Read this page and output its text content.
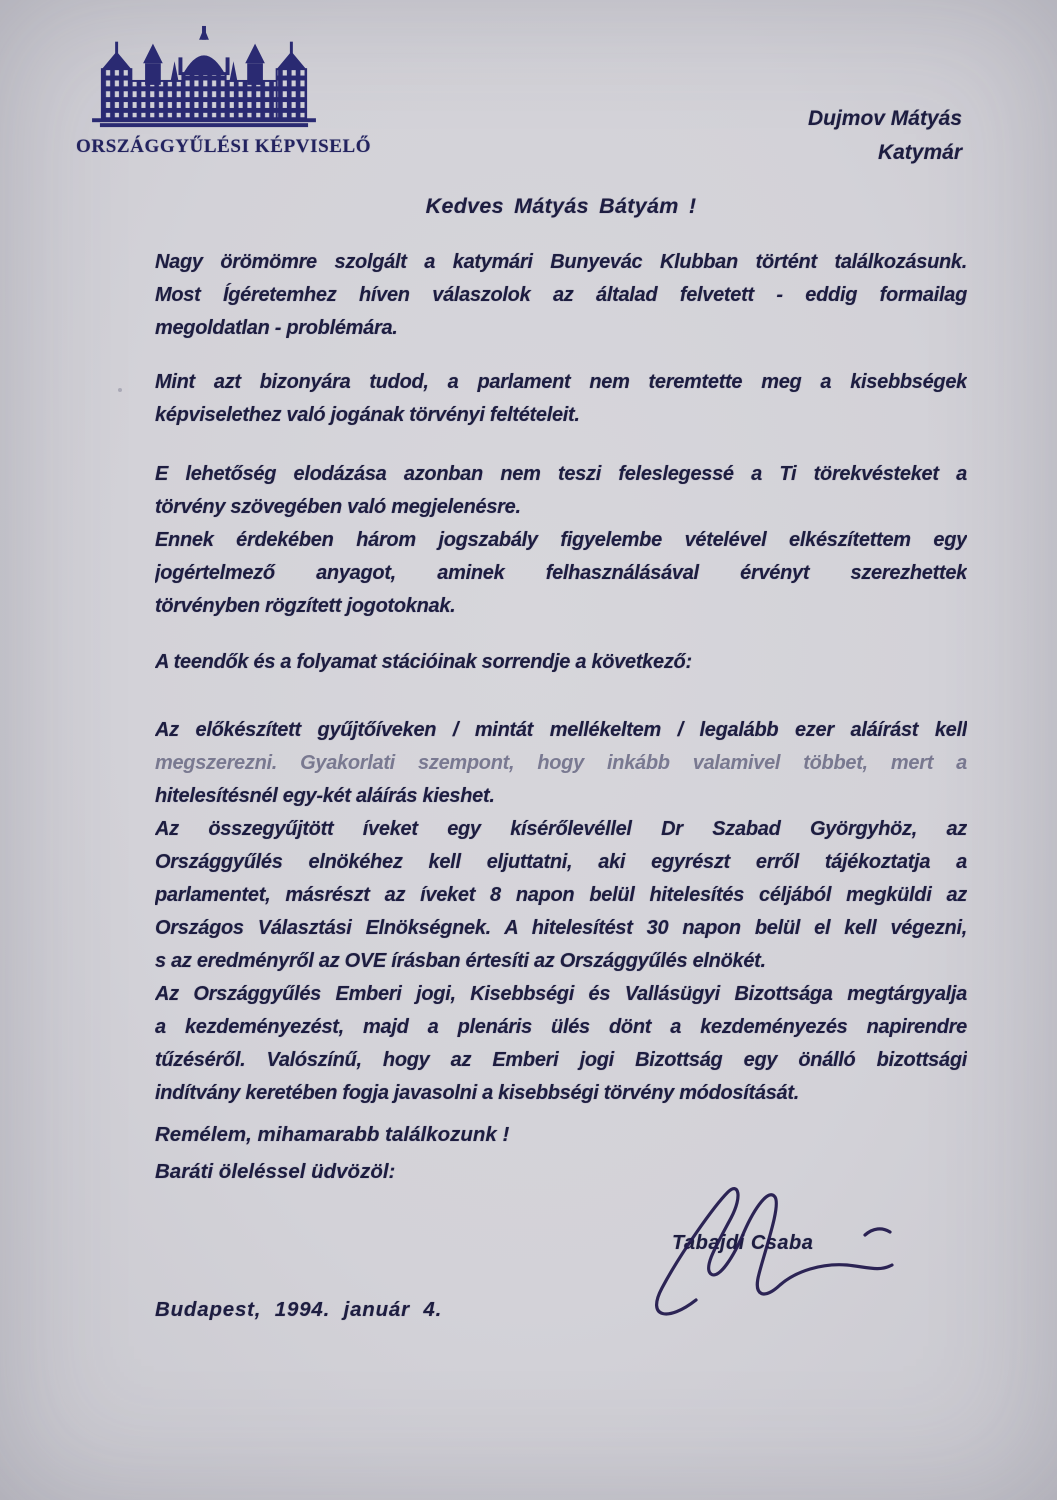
ORSZÁGGYŰLÉSI KÉPVISELŐ
Dujmov Mátyás
Katymár
Kedves Mátyás Bátyám !
Nagy örömömre szolgált a katymári Bunyevác Klubban történt találkozásunk.
Most Ígéretemhez híven válaszolok az általad felvetett - eddig formailag
megoldatlan - problémára.
Mint azt bizonyára tudod, a parlament nem teremtette meg a kisebbségek
képviselethez való jogának törvényi feltételeit.
E lehetőség elodázása azonban nem teszi feleslegessé a Ti törekvésteket a
törvény szövegében való megjelenésre.
Ennek érdekében három jogszabály figyelembe vételével elkészítettem egy
jogértelmező anyagot, aminek felhasználásával érvényt szerezhettek
törvényben rögzített jogotoknak.
A teendők és a folyamat stációinak sorrendje a következő:
Az előkészített gyűjtőíveken / mintát mellékeltem / legalább ezer aláírást kell
megszerezni. Gyakorlati szempont, hogy inkább valamivel többet, mert a
hitelesítésnél egy-két aláírás kieshet.
Az összegyűjtött íveket egy kísérőlevéllel Dr Szabad Györgyhöz, az
Országgyűlés elnökéhez kell eljuttatni, aki egyrészt erről tájékoztatja a
parlamentet, másrészt az íveket 8 napon belül hitelesítés céljából megküldi az
Országos Választási Elnökségnek. A hitelesítést 30 napon belül el kell végezni,
s az eredményről az OVE írásban értesíti az Országgyűlés elnökét.
Az Országgyűlés Emberi jogi, Kisebbségi és Vallásügyi Bizottsága megtárgyalja
a kezdeményezést, majd a plenáris ülés dönt a kezdeményezés napirendre
tűzéséről. Valószínű, hogy az Emberi jogi Bizottság egy önálló bizottsági
indítvány keretében fogja javasolni a kisebbségi törvény módosítását.
Remélem, mihamarabb találkozunk !
Baráti öleléssel üdvözöl:
Tabajdi Csaba
Budapest, 1994. január 4.
